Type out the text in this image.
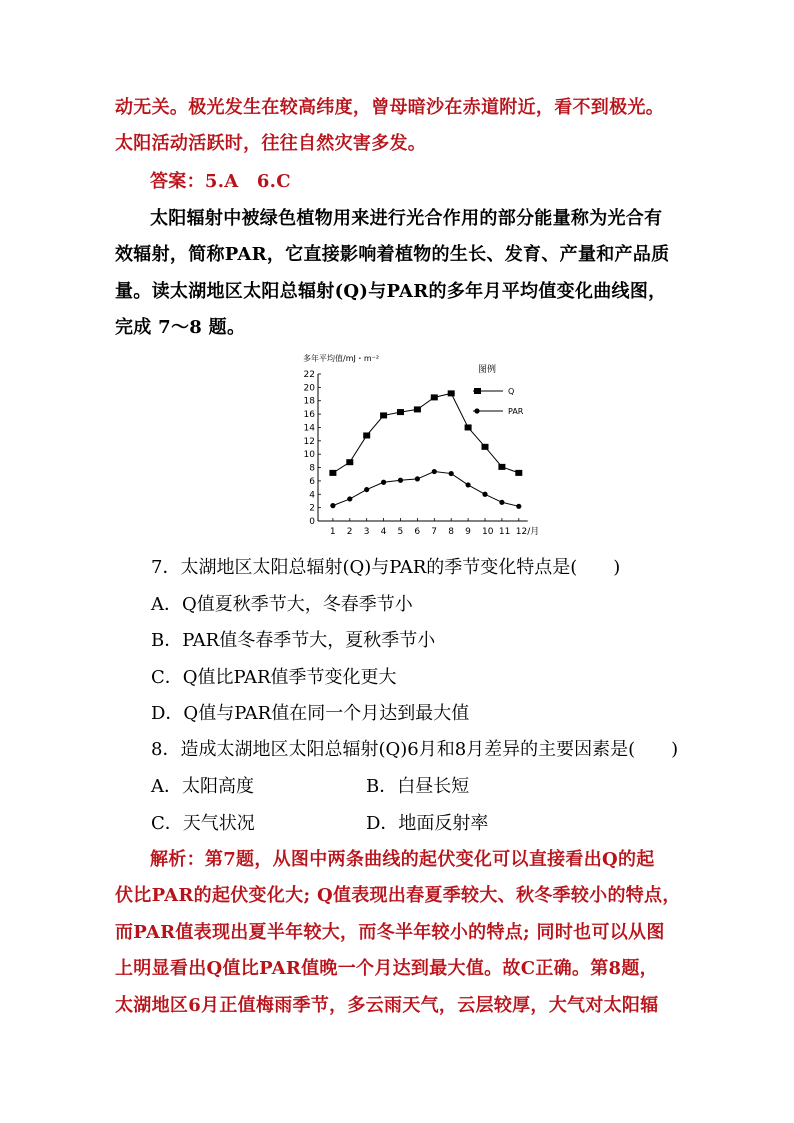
动无关。极光发生在较高纬度，曾母暗沙在赤道附近，看不到极光。
太阳活动活跃时，往往自然灾害多发。
答案：5.A　6.C
太阳辐射中被绿色植物用来进行光合作用的部分能量称为光合有
效辐射，简称PAR，它直接影响着植物的生长、发育、产量和产品质
量。读太湖地区太阳总辐射(Q)与PAR的多年月平均值变化曲线图，
完成 7～8 题。
多年平均值/mJ・m⁻²
0
2
4
6
8
10
12
14
16
18
20
22
1 2 3 4 5 6 7 8 9 10 11 12/月
图例
Q
PAR
7．太湖地区太阳总辐射(Q)与PAR的季节变化特点是(　　)
A．Q值夏秋季节大，冬春季节小
B．PAR值冬春季节大，夏秋季节小
C．Q值比PAR值季节变化更大
D．Q值与PAR值在同一个月达到最大值
8．造成太湖地区太阳总辐射(Q)6月和8月差异的主要因素是(　　)
A．太阳高度	B．白昼长短
C．天气状况	D．地面反射率
解析：第7题，从图中两条曲线的起伏变化可以直接看出Q的起
伏比PAR的起伏变化大; Q值表现出春夏季较大、秋冬季较小的特点，
而PAR值表现出夏半年较大，而冬半年较小的特点; 同时也可以从图
上明显看出Q值比PAR值晚一个月达到最大值。故C正确。第8题，
太湖地区6月正值梅雨季节，多云雨天气，云层较厚，大气对太阳辐
